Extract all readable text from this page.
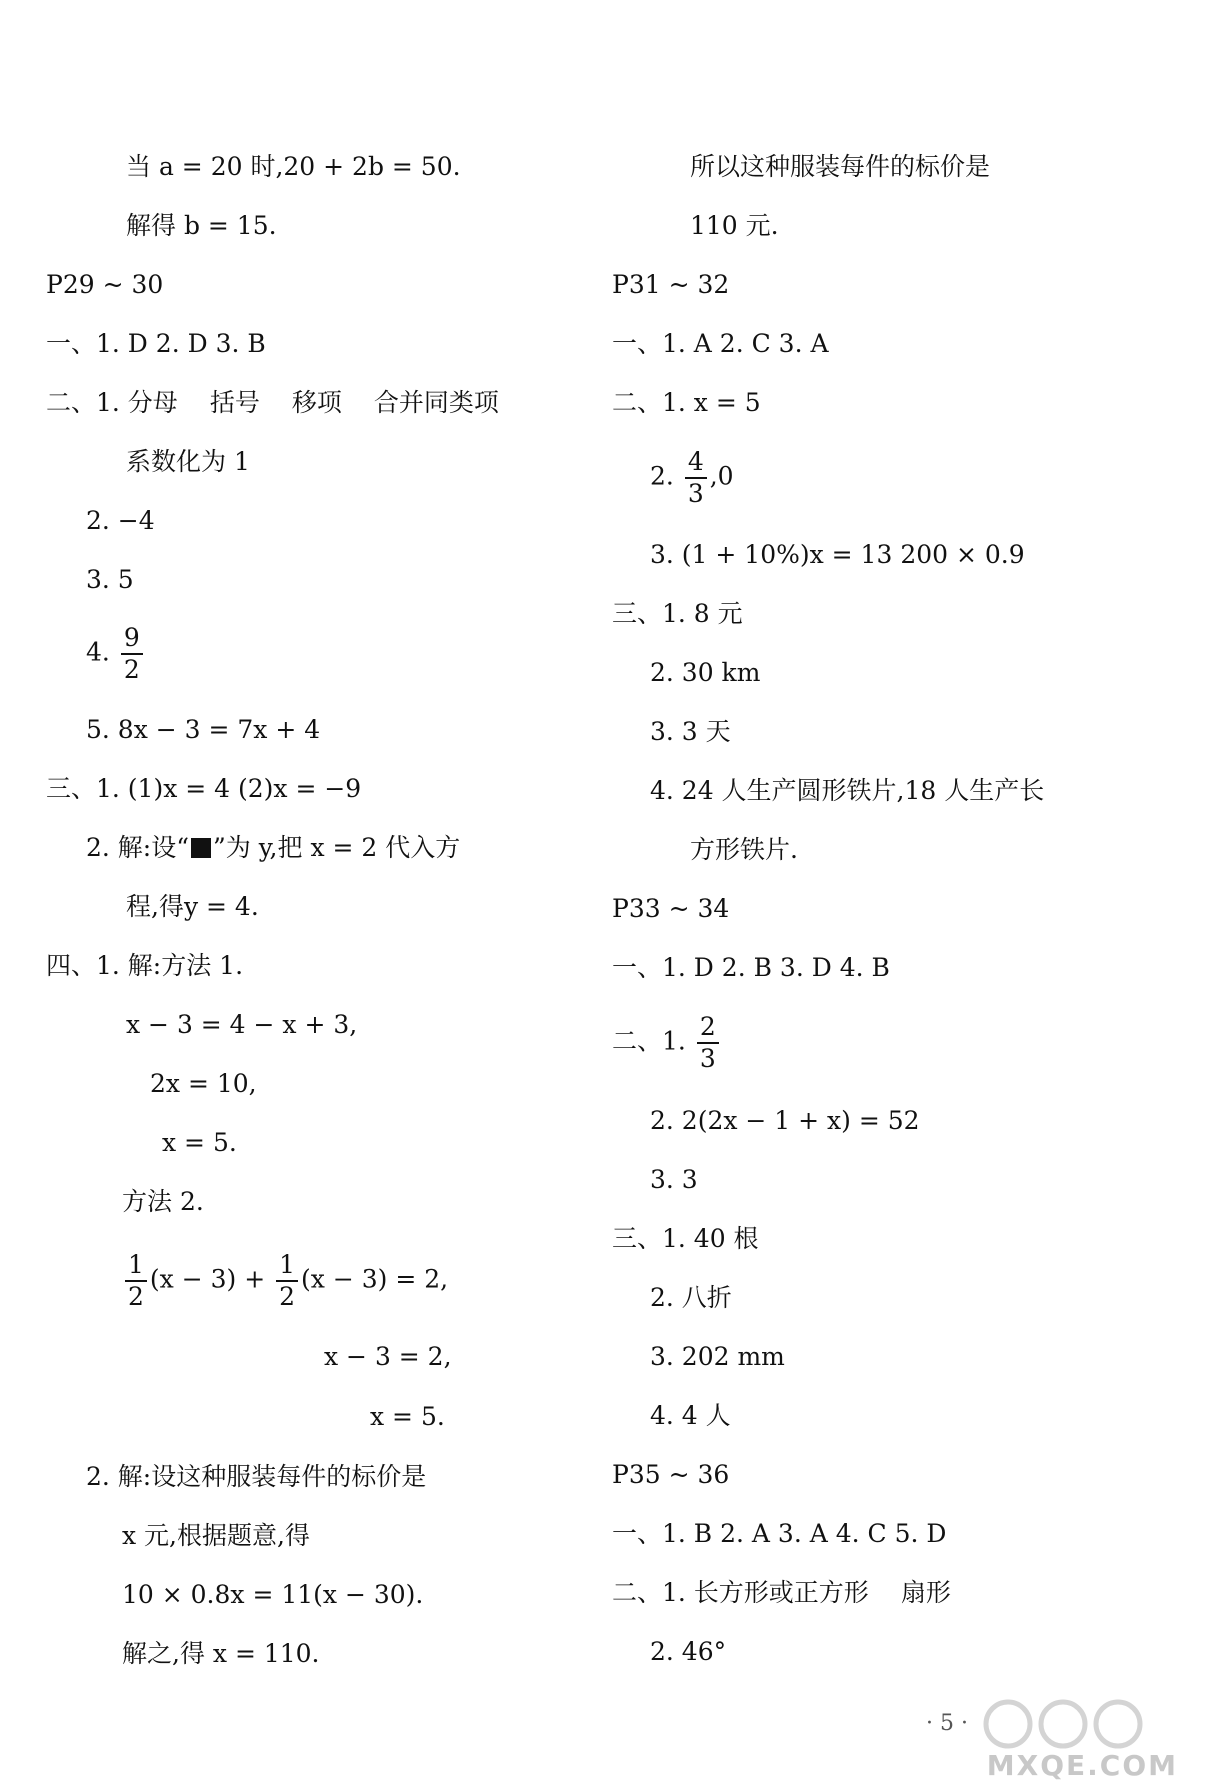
当 a = 20 时,20 + 2b = 50.
解得 b = 15.
P29 ~ 30
一、1. D 2. D 3. B
二、1. 分母 括号 移项 合并同类项
系数化为 1
2. −4
3. 5
4. $\frac{9}{2}$
5. 8x − 3 = 7x + 4
三、1. (1)x = 4 (2)x = −9
2. 解:设“ ”为 y,把 x = 2 代入方
程,得y = 4.
四、1. 解:方法 1.
x − 3 = 4 − x + 3,
2x = 10,
x = 5.
方法 2.
$\frac{1}{2} (x - 3) + \frac{1}{2} (x - 3) = 2$,
x − 3 = 2,
x = 5.
2. 解:设这种服装每件的标价是
x 元,根据题意,得
10 × 0.8x = 11(x − 30).
解之,得 x = 110.
所以这种服装每件的标价是
110 元.
P31 ~ 32
一、1. A 2. C 3. A
二、1. x = 5
2. $\frac{4}{3} ,0$
3. (1 + 10%)x = 13 200 × 0.9
三、1. 8 元
2. 30 km
3. 3 天
4. 24 人生产圆形铁片,18 人生产长
方形铁片.
P33 ~ 34
一、1. D 2. B 3. D 4. B
二、1. $\frac{2}{3}$
2. 2(2x − 1 + x) = 52
3. 3
三、1. 40 根
2. 八折
3. 202 mm
4. 4 人
P35 ~ 36
一、1. B 2. A 3. A 4. C 5. D
二、1. 长方形或正方形 扇形
2. 46°
· 5 ·
MXQE.COM
